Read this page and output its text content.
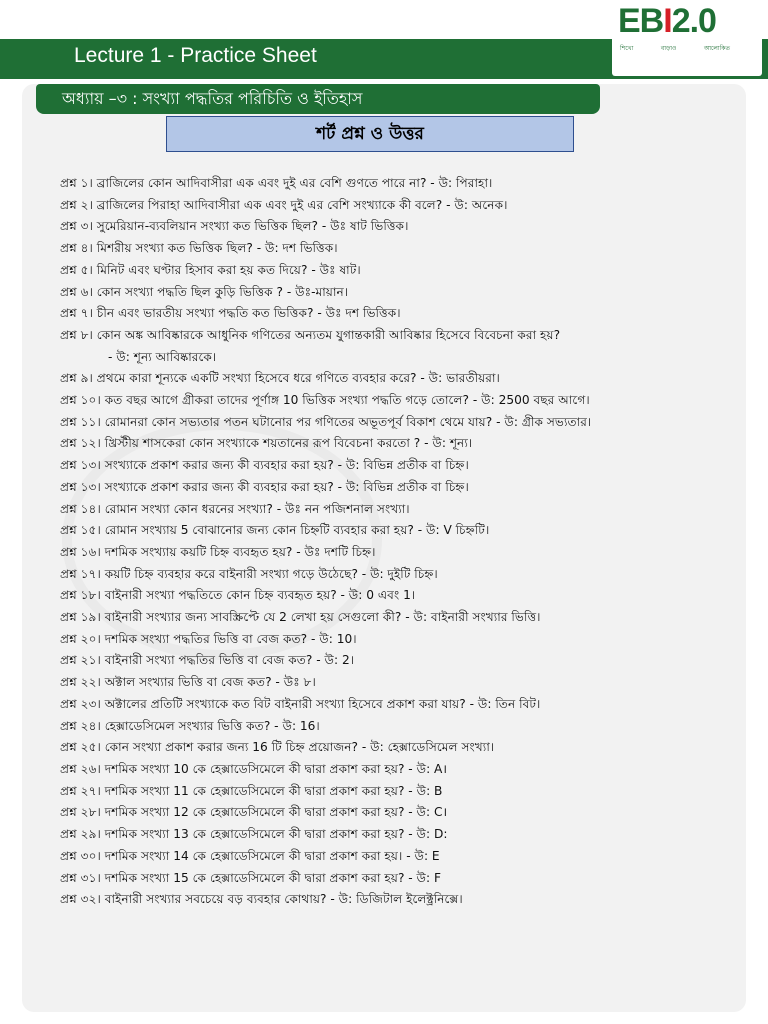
Lecture 1 - Practice Sheet
EBI2.0
শিখো	বাড়াও	আলোকিত
অধ্যায় –৩ : সংখ্যা পদ্ধতির পরিচিতি ও ইতিহাস
শর্ট প্রশ্ন ও উত্তর
প্রশ্ন ১। ব্রাজিলের কোন আদিবাসীরা এক এবং দুই এর বেশি গুণতে পারে না? - উ: পিরাহা।
প্রশ্ন ২। ব্রাজিলের পিরাহা আদিবাসীরা এক এবং দুই এর বেশি সংখ্যাকে কী বলে? - উ: অনেক।
প্রশ্ন ৩। সুমেরিয়ান-ব্যবলিয়ান সংখ্যা কত ভিত্তিক ছিল? - উঃ ষাট ভিত্তিক।
প্রশ্ন ৪। মিশরীয় সংখ্যা কত ভিত্তিক ছিল? - উ: দশ ভিত্তিক।
প্রশ্ন ৫। মিনিট এবং ঘণ্টার হিসাব করা হয় কত দিয়ে? - উঃ ষাট।
প্রশ্ন ৬। কোন সংখ্যা পদ্ধতি ছিল কুড়ি ভিত্তিক ? - উঃ-মায়ান।
প্রশ্ন ৭। চীন এবং ভারতীয় সংখ্যা পদ্ধতি কত ভিত্তিক? - উঃ দশ ভিত্তিক।
প্রশ্ন ৮। কোন অঙ্ক আবিষ্কারকে আধুনিক গণিতের অন্যতম যুগান্তকারী আবিষ্কার হিসেবে বিবেচনা করা হয়?
- উ: শূন্য আবিষ্কারকে।
প্রশ্ন ৯। প্রথমে কারা শূন্যকে একটি সংখ্যা হিসেবে ধরে গণিতে ব্যবহার করে? - উ: ভারতীয়রা।
প্রশ্ন ১০। কত বছর আগে গ্রীকরা তাদের পূর্ণাঙ্গ 10 ভিত্তিক সংখ্যা পদ্ধতি গড়ে তোলে? - উ: 2500 বছর আগে।
প্রশ্ন ১১। রোমানরা কোন সভ্যতার পতন ঘটানোর পর গণিতের অভূতপূর্ব বিকাশ থেমে যায়? - উ: গ্রীক সভ্যতার।
প্রশ্ন ১২। খ্রিস্টীয় শাসকেরা কোন সংখ্যাকে শয়তানের রূপ বিবেচনা করতো ? - উ: শূন্য।
প্রশ্ন ১৩। সংখ্যাকে প্রকাশ করার জন্য কী ব্যবহার করা হয়? - উ: বিভিন্ন প্রতীক বা চিহ্ন।
প্রশ্ন ১৩। সংখ্যাকে প্রকাশ করার জন্য কী ব্যবহার করা হয়? - উ: বিভিন্ন প্রতীক বা চিহ্ন।
প্রশ্ন ১৪। রোমান সংখ্যা কোন ধরনের সংখ্যা? - উঃ নন পজিশনাল সংখ্যা।
প্রশ্ন ১৫। রোমান সংখ্যায় 5 বোঝানোর জন্য কোন চিহ্নটি ব্যবহার করা হয়? - উ: V চিহ্নটি।
প্রশ্ন ১৬। দশমিক সংখ্যায় কয়টি চিহ্ন ব্যবহৃত হয়? - উঃ দশটি চিহ্ন।
প্রশ্ন ১৭। কয়টি চিহ্ন ব্যবহার করে বাইনারী সংখ্যা গড়ে উঠেছে? - উ: দুইটি চিহ্ন।
প্রশ্ন ১৮। বাইনারী সংখ্যা পদ্ধতিতে কোন চিহ্ন ব্যবহৃত হয়? - উ: 0 এবং 1।
প্রশ্ন ১৯। বাইনারী সংখ্যার জন্য সাবস্ক্রিপ্টে যে 2 লেখা হয় সেগুলো কী? - উ: বাইনারী সংখ্যার ভিত্তি।
প্রশ্ন ২০। দশমিক সংখ্যা পদ্ধতির ভিত্তি বা বেজ কত? - উ: 10।
প্রশ্ন ২১। বাইনারী সংখ্যা পদ্ধতির ভিত্তি বা বেজ কত? - উ: 2।
প্রশ্ন ২২। অক্টাল সংখ্যার ভিত্তি বা বেজ কত? - উঃ ৮।
প্রশ্ন ২৩। অক্টালের প্রতিটি সংখ্যাকে কত বিট বাইনারী সংখ্যা হিসেবে প্রকাশ করা যায়? - উ: তিন বিট।
প্রশ্ন ২৪। হেক্সাডেসিমেল সংখ্যার ভিত্তি কত? - উ: 16।
প্রশ্ন ২৫। কোন সংখ্যা প্রকাশ করার জন্য 16 টি চিহ্ন প্রয়োজন? - উ: হেক্সাডেসিমেল সংখ্যা।
প্রশ্ন ২৬। দশমিক সংখ্যা 10 কে হেক্সাডেসিমেলে কী দ্বারা প্রকাশ করা হয়? - উ: A।
প্রশ্ন ২৭। দশমিক সংখ্যা 11 কে হেক্সাডেসিমেলে কী দ্বারা প্রকাশ করা হয়? - উ: B
প্রশ্ন ২৮। দশমিক সংখ্যা 12 কে হেক্সাডেসিমেলে কী দ্বারা প্রকাশ করা হয়? - উ: C।
প্রশ্ন ২৯। দশমিক সংখ্যা 13 কে হেক্সাডেসিমেলে কী দ্বারা প্রকাশ করা হয়? - উ: D:
প্রশ্ন ৩০। দশমিক সংখ্যা 14 কে হেক্সাডেসিমেলে কী দ্বারা প্রকাশ করা হয়। - উ: E
প্রশ্ন ৩১। দশমিক সংখ্যা 15 কে হেক্সাডেসিমেলে কী দ্বারা প্রকাশ করা হয়? - উ: F
প্রশ্ন ৩২। বাইনারী সংখ্যার সবচেয়ে বড় ব্যবহার কোথায়? - উ: ডিজিটাল ইলেক্ট্রনিক্সে।
